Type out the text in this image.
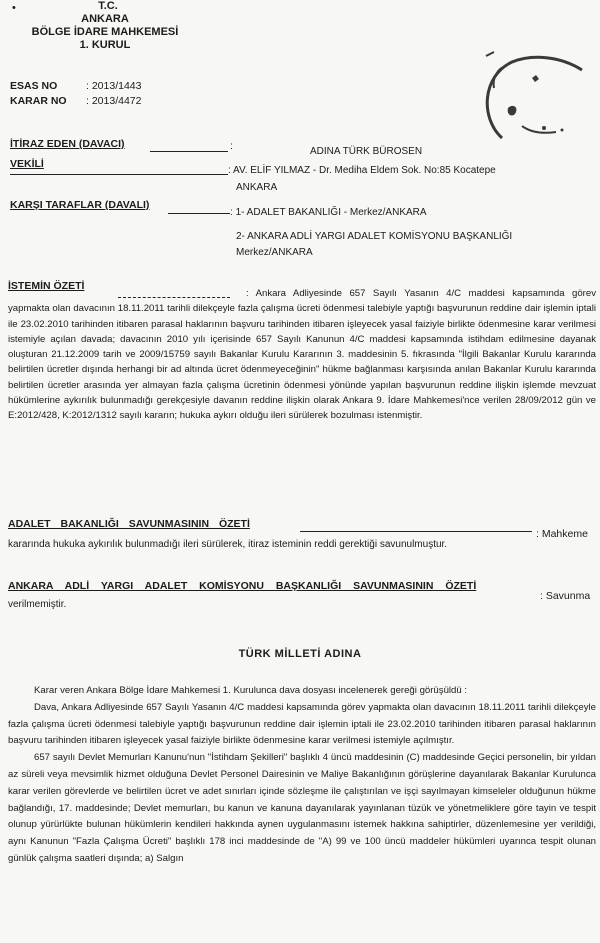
•	T.C.
ANKARA
BÖLGE İDARE MAHKEMESİ
1. KURUL
ESAS NO	: 2013/1443
KARAR NO : 2013/4472
İTİRAZ EDEN (DAVACI)	:	ADINA TÜRK BÜROSEN
VEKİLİ
: AV. ELİF YILMAZ - Dr. Mediha Eldem Sok. No:85 Kocatepe
ANKARA
KARŞI TARAFLAR (DAVALI)
: 1- ADALET BAKANLIĞI - Merkez/ANKARA
2- ANKARA ADLİ YARGI ADALET KOMİSYONU BAŞKANLIĞI
Merkez/ANKARA
İSTEMİN ÖZETİ

: Ankara Adliyesinde 657 Sayılı Yasanın 4/C maddesi kapsamında görev yapmakta olan davacının 18.11.2011 tarihli dilekçeyle fazla çalışma ücreti ödenmesi talebiyle yaptığı başvurunun reddine dair işlemin iptali ile 23.02.2010 tarihinden itibaren parasal haklarının başvuru tarihinden itibaren işleyecek yasal faiziyle birlikte ödenmesine karar verilmesi istemiyle açılan davada; davacının 2010 yılı içerisinde 657 Sayılı Kanunun 4/C maddesi kapsamında istihdam edilmesine dayanak oluşturan 21.12.2009 tarih ve 2009/15759 sayılı Bakanlar Kurulu Kararının 3. maddesinin 5. fıkrasında "İlgili Bakanlar Kurulu kararında belirtilen ücretler dışında herhangi bir ad altında ücret ödenmeyeceğinin" hükme bağlanması karşısında anılan Bakanlar Kurulu kararında belirtilen ücretler arasında yer almayan fazla çalışma ücretinin ödenmesi yönünde yapılan başvurunun reddine ilişkin işlemde mevzuat hükümlerine aykırılık bulunmadığı gerekçesiyle davanın reddine ilişkin olarak Ankara 9. İdare Mahkemesi'nce verilen 28/09/2012 gün ve E:2012/428, K:2012/1312 sayılı kararın; hukuka aykırı olduğu ileri sürülerek bozulması istenmiştir.

ADALET BAKANLIĞI SAVUNMASININ ÖZETİ
: Mahkeme
kararında hukuka aykırılık bulunmadığı ileri sürülerek, itiraz isteminin reddi gerektiği savunulmuştur.
ANKARA ADLİ YARGI ADALET KOMİSYONU BAŞKANLIĞI SAVUNMASININ ÖZETİ
: Savunma
verilmemiştir.
TÜRK MİLLETİ ADINA

Karar veren Ankara Bölge İdare Mahkemesi 1. Kurulunca dava dosyası incelenerek gereği görüşüldü :

Dava, Ankara Adliyesinde 657 Sayılı Yasanın 4/C maddesi kapsamında görev yapmakta olan davacının 18.11.2011 tarihli dilekçeyle fazla çalışma ücreti ödenmesi talebiyle yaptığı başvurunun reddine dair işlemin iptali ile 23.02.2010 tarihinden itibaren parasal haklarının başvuru tarihinden itibaren işleyecek yasal faiziyle birlikte ödenmesine karar verilmesi istemiyle açılmıştır.

657 sayılı Devlet Memurları Kanunu'nun "İstihdam Şekilleri" başlıklı 4 üncü maddesinin (C) maddesinde Geçici personelin, bir yıldan az süreli veya mevsimlik hizmet olduğuna Devlet Personel Dairesinin ve Maliye Bakanlığının görüşlerine dayanılarak Bakanlar Kurulunca karar verilen görevlerde ve belirtilen ücret ve adet sınırları içinde sözleşme ile çalıştırılan ve işçi sayılmayan kimseleler olduğunun hükme bağlandığı, 17. maddesinde; Devlet memurları, bu kanun ve kanuna dayanılarak yayınlanan tüzük ve yönetmeliklere göre tayin ve tespit olunup yürürlükte bulunan hükümlerin kendileri hakkında aynen uygulanmasını istemek hakkına sahiptirler, düzenlemesine yer verildiği, aynı Kanunun "Fazla Çalışma Ücreti" başlıklı 178 inci maddesinde de "A) 99 ve 100 üncü maddeler hükümleri uyarınca tespit olunan günlük çalışma saatleri dışında; a) Salgın
